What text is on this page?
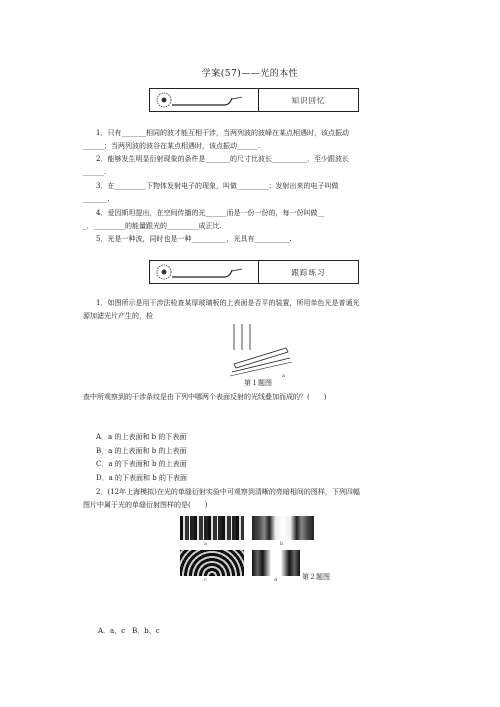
学案(57)——光的本性
知识回忆
1．只有_______相同的波才能互相干涉，当两列波的波峰在某点相遇时，该点振动
______；当两列波的波谷在某点相遇时，该点振动______.
2．能够发生明显衍射现象的条件是_______的尺寸比波长__________，至少跟波长
______.
3．在_________下物体发射电子的现象，叫做_________；发射出来的电子叫做
_______.
4．爱因斯坦提出，在空间传播的光______而是一份一份的，每一份叫做__
_．_________的能量跟光的_________成正比.
5．光是一种波，同时也是一种__________，光具有__________.
跟踪练习
1．如图所示是用干涉法检查某厚玻璃板的上表面是否平的装置，所用单色光是普通光
源加滤光片产生的，检
a
第１题图
查中所观察到的干涉条纹是由下列中哪两个表面反射的光线叠加而成的？(　　)
A．a 的上表面和 b 的下表面
B．a 的上表面和 b 的上表面
C．a 的下表面和 b 的上表面
D．a 的下表面和 b 的下表面
2．(12年上海模拟)在光的单缝衍射实验中可观察到清晰的亮暗相间的图样，下列四幅
图片中属于光的单缝衍射图样的是(　　)
a	b
c	d	第２题图
A．a、c　B．b、c
